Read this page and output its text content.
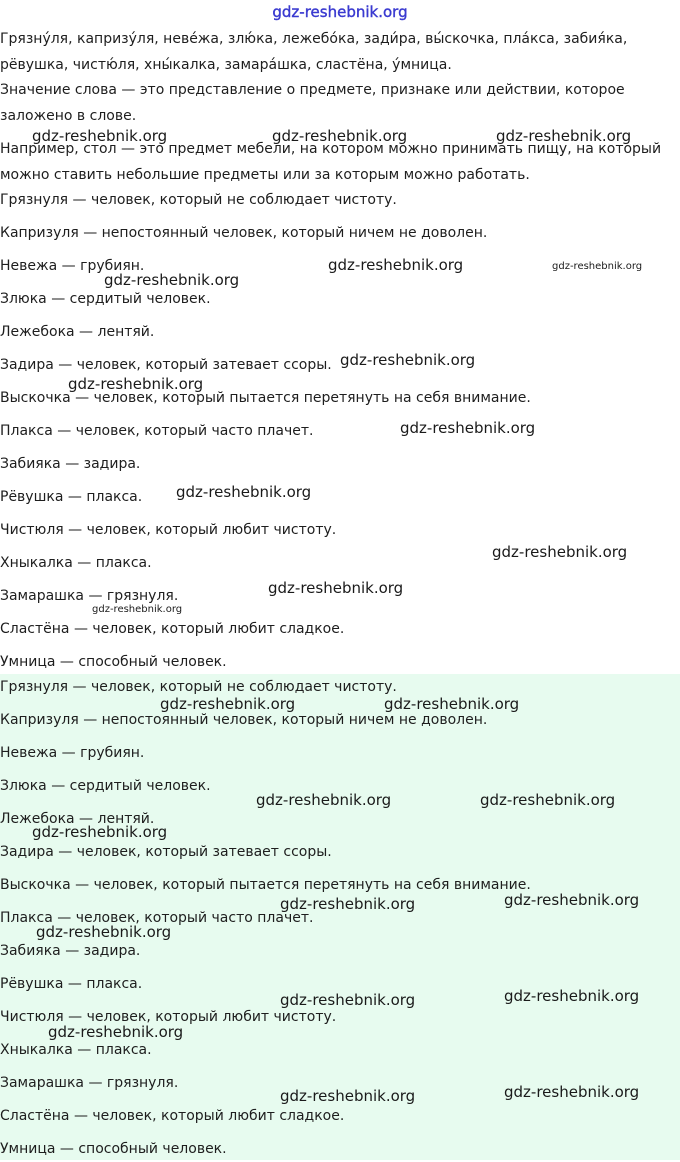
gdz-reshebnik.org
Грязну́ля, капризу́ля, невéжа, злю́ка, лежебóка, зади́ра, вы́скочка, плáкса, забия́ка,
рёвушка, чистю́ля, хны́калка, замарáшка, сластёна, у́мница.
Значение слова — это представление о предмете, признаке или действии, которое
заложено в слове.
Например, стол — это предмет мебели, на котором можно принимать пищу, на который
можно ставить небольшие предметы или за которым можно работать.
Грязнуля — человек, который не соблюдает чистоту.
Капризуля — непостоянный человек, который ничем не доволен.
Невежа — грубиян.
Злюка — сердитый человек.
Лежебока — лентяй.
Задира — человек, который затевает ссоры.
Выскочка — человек, который пытается перетянуть на себя внимание.
Плакса — человек, который часто плачет.
Забияка — задира.
Рёвушка — плакса.
Чистюля — человек, который любит чистоту.
Хныкалка — плакса.
Замарашка — грязнуля.
Сластёна — человек, который любит сладкое.
Умница — способный человек.
Грязнуля — человек, который не соблюдает чистоту.
Капризуля — непостоянный человек, который ничем не доволен.
Невежа — грубиян.
Злюка — сердитый человек.
Лежебока — лентяй.
Задира — человек, который затевает ссоры.
Выскочка — человек, который пытается перетянуть на себя внимание.
Плакса — человек, который часто плачет.
Забияка — задира.
Рёвушка — плакса.
Чистюля — человек, который любит чистоту.
Хныкалка — плакса.
Замарашка — грязнуля.
Сластёна — человек, который любит сладкое.
Умница — способный человек.
gdz-reshebnik.org	gdz-reshebnik.org	gdz-reshebnik.org
gdz-reshebnik.org	gdz-reshebnik.org
gdz-reshebnik.org
gdz-reshebnik.org
gdz-reshebnik.org
gdz-reshebnik.org
gdz-reshebnik.org
gdz-reshebnik.org
gdz-reshebnik.org
gdz-reshebnik.org
gdz-reshebnik.org	gdz-reshebnik.org
gdz-reshebnik.org	gdz-reshebnik.org
gdz-reshebnik.org
gdz-reshebnik.org
gdz-reshebnik.org
gdz-reshebnik.org
gdz-reshebnik.org
gdz-reshebnik.org
gdz-reshebnik.org
gdz-reshebnik.org
gdz-reshebnik.org
